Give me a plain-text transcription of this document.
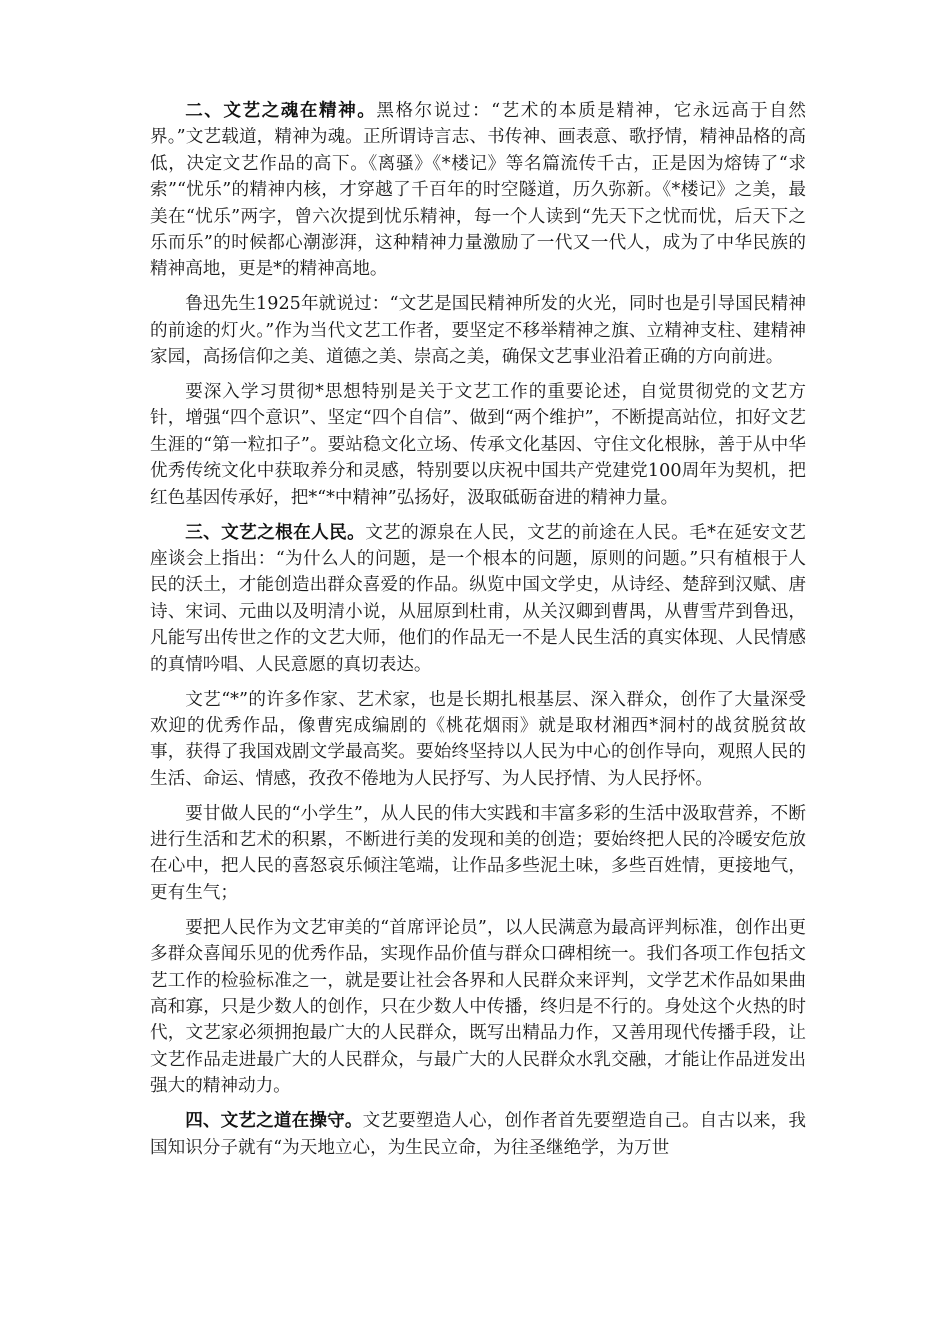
二、文艺之魂在精神。黑格尔说过：“艺术的本质是精神，它永远高于自然界。”文艺载道，精神为魂。正所谓诗言志、书传神、画表意、歌抒情，精神品格的高低，决定文艺作品的高下。《离骚》《*楼记》等名篇流传千古，正是因为熔铸了“求索”“忧乐”的精神内核，才穿越了千百年的时空隧道，历久弥新。《*楼记》之美，最美在“忧乐”两字，曾六次提到忧乐精神，每一个人读到“先天下之忧而忧，后天下之乐而乐”的时候都心潮澎湃，这种精神力量激励了一代又一代人，成为了中华民族的精神高地，更是*的精神高地。

鲁迅先生1925年就说过：“文艺是国民精神所发的火光，同时也是引导国民精神的前途的灯火。”作为当代文艺工作者，要坚定不移举精神之旗、立精神支柱、建精神家园，高扬信仰之美、道德之美、崇高之美，确保文艺事业沿着正确的方向前进。

要深入学习贯彻*思想特别是关于文艺工作的重要论述，自觉贯彻党的文艺方针，增强“四个意识”、坚定“四个自信”、做到“两个维护”，不断提高站位，扣好文艺生涯的“第一粒扣子”。要站稳文化立场、传承文化基因、守住文化根脉，善于从中华优秀传统文化中获取养分和灵感，特别要以庆祝中国共产党建党100周年为契机，把红色基因传承好，把*“*中精神”弘扬好，汲取砥砺奋进的精神力量。

三、文艺之根在人民。文艺的源泉在人民，文艺的前途在人民。毛*在延安文艺座谈会上指出：“为什么人的问题，是一个根本的问题，原则的问题。”只有植根于人民的沃土，才能创造出群众喜爱的作品。纵览中国文学史，从诗经、楚辞到汉赋、唐诗、宋词、元曲以及明清小说，从屈原到杜甫，从关汉卿到曹禺，从曹雪芹到鲁迅，凡能写出传世之作的文艺大师，他们的作品无一不是人民生活的真实体现、人民情感的真情吟唱、人民意愿的真切表达。

文艺“*”的许多作家、艺术家，也是长期扎根基层、深入群众，创作了大量深受欢迎的优秀作品，像曹宪成编剧的《桃花烟雨》就是取材湘西*洞村的战贫脱贫故事，获得了我国戏剧文学最高奖。要始终坚持以人民为中心的创作导向，观照人民的生活、命运、情感，孜孜不倦地为人民抒写、为人民抒情、为人民抒怀。

要甘做人民的“小学生”，从人民的伟大实践和丰富多彩的生活中汲取营养，不断进行生活和艺术的积累，不断进行美的发现和美的创造；要始终把人民的冷暖安危放在心中，把人民的喜怒哀乐倾注笔端，让作品多些泥土味，多些百姓情，更接地气，更有生气；

要把人民作为文艺审美的“首席评论员”，以人民满意为最高评判标准，创作出更多群众喜闻乐见的优秀作品，实现作品价值与群众口碑相统一。我们各项工作包括文艺工作的检验标准之一，就是要让社会各界和人民群众来评判，文学艺术作品如果曲高和寡，只是少数人的创作，只在少数人中传播，终归是不行的。身处这个火热的时代，文艺家必须拥抱最广大的人民群众，既写出精品力作，又善用现代传播手段，让文艺作品走进最广大的人民群众，与最广大的人民群众水乳交融，才能让作品迸发出强大的精神动力。

四、文艺之道在操守。文艺要塑造人心，创作者首先要塑造自己。自古以来，我国知识分子就有“为天地立心，为生民立命，为往圣继绝学，为万世
